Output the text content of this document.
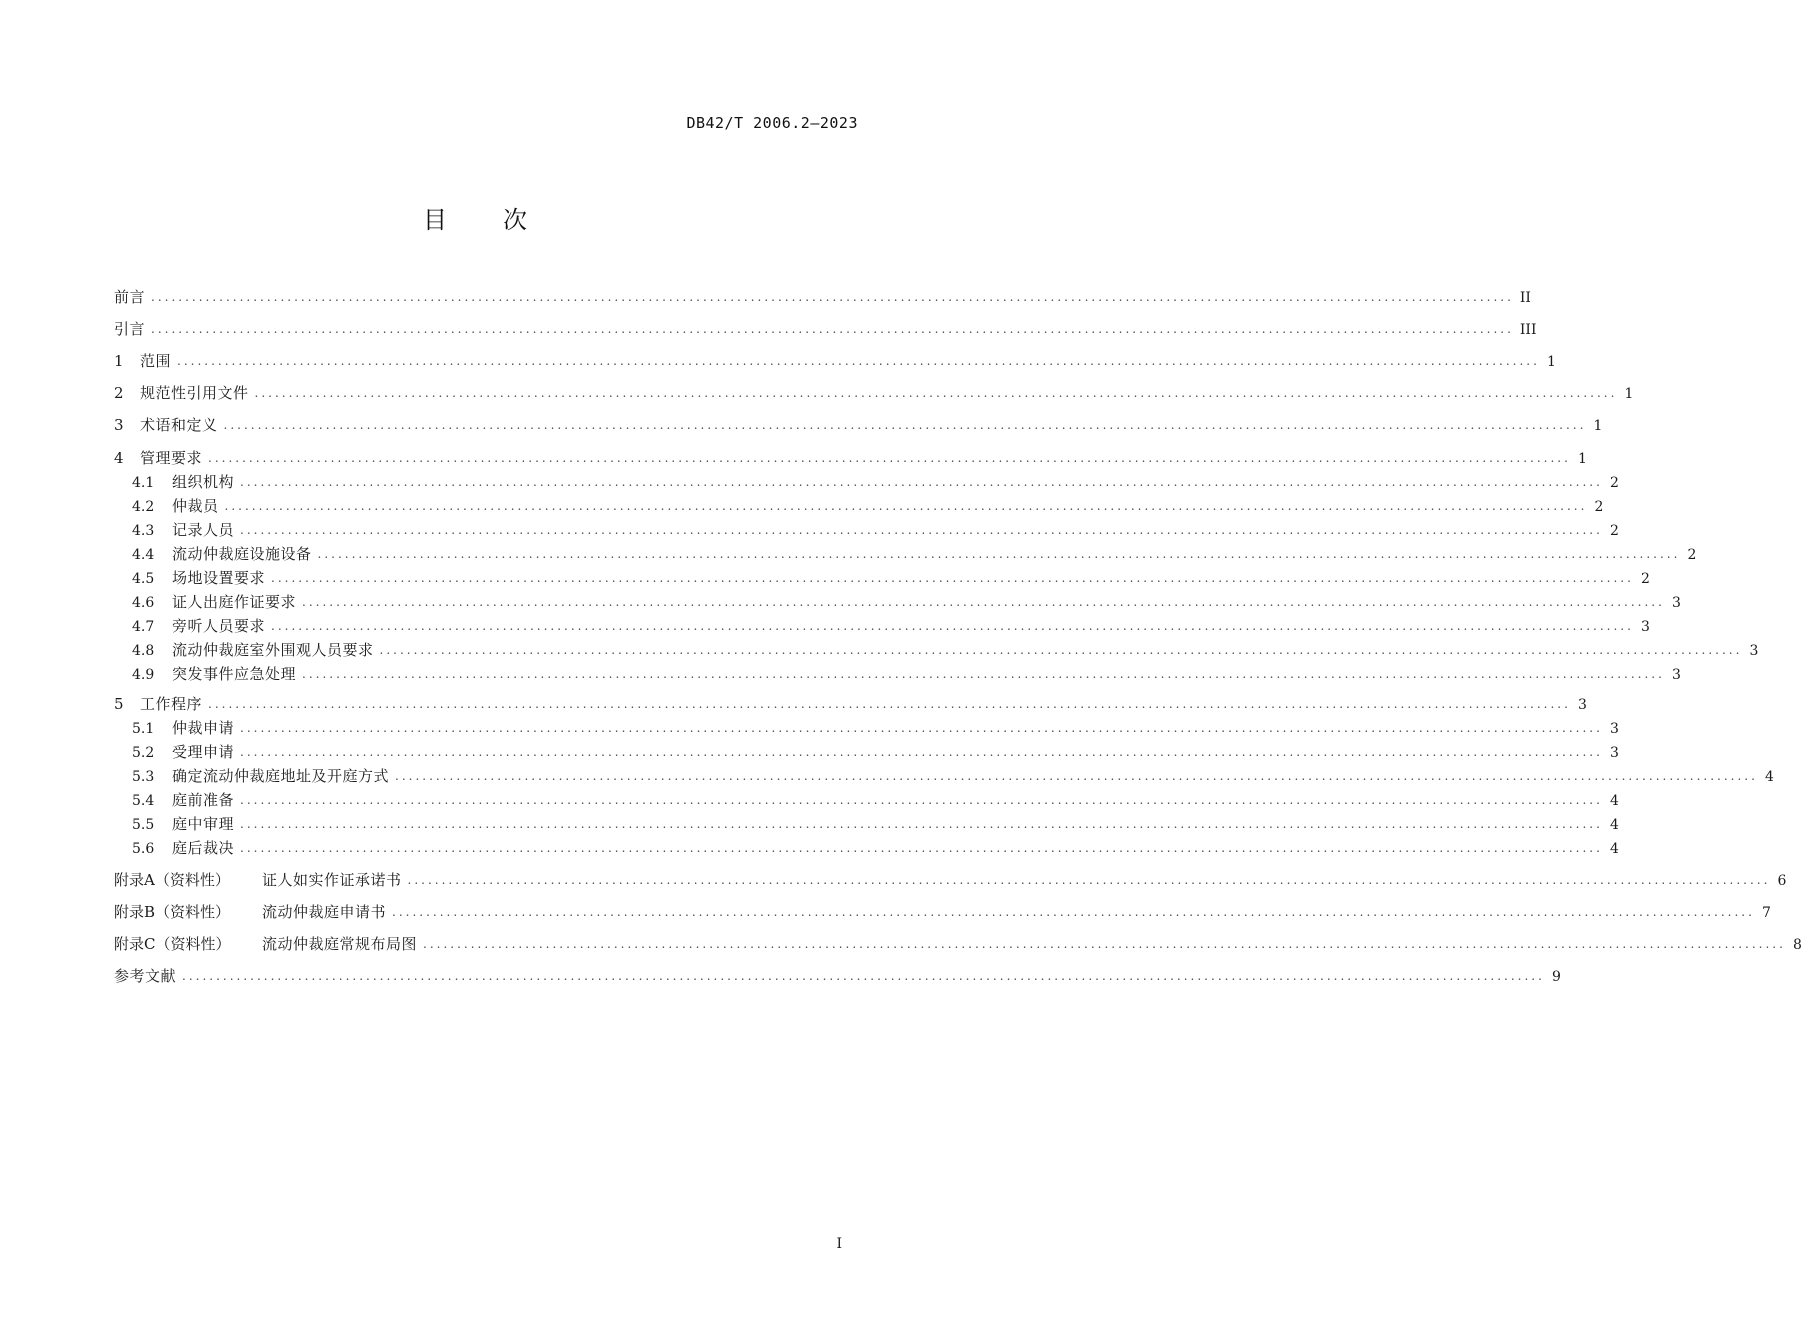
DB42/T 2006.2—2023
目 次
前言 ........................................................................................................................................................................................................ II
引言 ........................................................................................................................................................................................................ III
1	范围 ........................................................................................................................................................................................................ 1
2	规范性引用文件 ........................................................................................................................................................................................................ 1
3	术语和定义 ........................................................................................................................................................................................................ 1
4	管理要求 ........................................................................................................................................................................................................ 1
4.1	组织机构 ........................................................................................................................................................................................................ 2
4.2	仲裁员 ........................................................................................................................................................................................................ 2
4.3	记录人员 ........................................................................................................................................................................................................ 2
4.4	流动仲裁庭设施设备 ........................................................................................................................................................................................................ 2
4.5	场地设置要求 ........................................................................................................................................................................................................ 2
4.6	证人出庭作证要求 ........................................................................................................................................................................................................ 3
4.7	旁听人员要求 ........................................................................................................................................................................................................ 3
4.8	流动仲裁庭室外围观人员要求 ........................................................................................................................................................................................................ 3
4.9	突发事件应急处理 ........................................................................................................................................................................................................ 3
5	工作程序 ........................................................................................................................................................................................................ 3
5.1	仲裁申请 ........................................................................................................................................................................................................ 3
5.2	受理申请 ........................................................................................................................................................................................................ 3
5.3	确定流动仲裁庭地址及开庭方式 ........................................................................................................................................................................................................ 4
5.4	庭前准备 ........................................................................................................................................................................................................ 4
5.5	庭中审理 ........................................................................................................................................................................................................ 4
5.6	庭后裁决 ........................................................................................................................................................................................................ 4
附录A（资料性）	证人如实作证承诺书 ........................................................................................................................................................................................................ 6
附录B（资料性）	流动仲裁庭申请书 ........................................................................................................................................................................................................ 7
附录C（资料性）	流动仲裁庭常规布局图 ........................................................................................................................................................................................................ 8
参考文献 ........................................................................................................................................................................................................ 9
I
